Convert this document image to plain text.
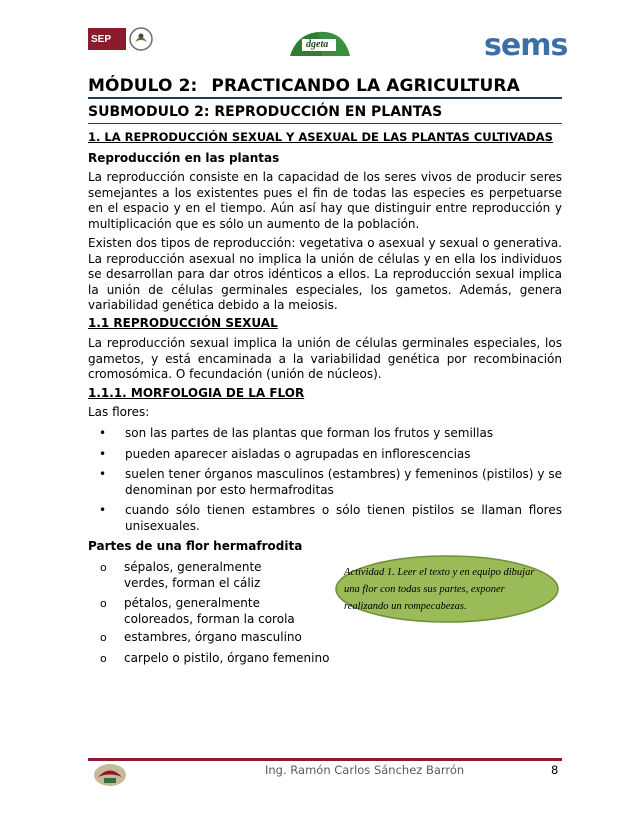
SEP	dgeta	sems
MÓDULO 2: PRACTICANDO LA AGRICULTURA
SUBMODULO 2: REPRODUCCIÓN EN PLANTAS
1. LA REPRODUCCIÓN SEXUAL Y ASEXUAL DE LAS PLANTAS CULTIVADAS
Reproducción en las plantas
La reproducción consiste en la capacidad de los seres vivos de producir seres semejantes a los existentes pues el fin de todas las especies es perpetuarse en el espacio y en el tiempo. Aún así hay que distinguir entre reproducción y multiplicación que es sólo un aumento de la población.
Existen dos tipos de reproducción: vegetativa o asexual y sexual o generativa. La reproducción asexual no implica la unión de células y en ella los individuos se desarrollan para dar otros idénticos a ellos. La reproducción sexual implica la unión de células germinales especiales, los gametos. Además, genera variabilidad genética debido a la meiosis.
1.1 REPRODUCCIÓN SEXUAL
La reproducción sexual implica la unión de células germinales especiales, los gametos, y está encaminada a la variabilidad genética por recombinación cromosómica. O fecundación (unión de núcleos).
1.1.1. MORFOLOGIA DE LA FLOR
Las flores:
• son las partes de las plantas que forman los frutos y semillas
• pueden aparecer aisladas o agrupadas en inflorescencias
• suelen tener órganos masculinos (estambres) y femeninos (pistilos) y se denominan por esto hermafroditas
• cuando sólo tienen estambres o sólo tienen pistilos se llaman flores unisexuales.
Partes de una flor hermafrodita
o sépalos, generalmente verdes, forman el cáliz
o pétalos, generalmente coloreados, forman la corola
o estambres, órgano masculino
o carpelo o pistilo, órgano femenino
Actividad 1. Leer el texto y en equipo dibujar una flor con todas sus partes, exponer realizando un rompecabezas.
Ing. Ramón Carlos Sánchez Barrón	8
